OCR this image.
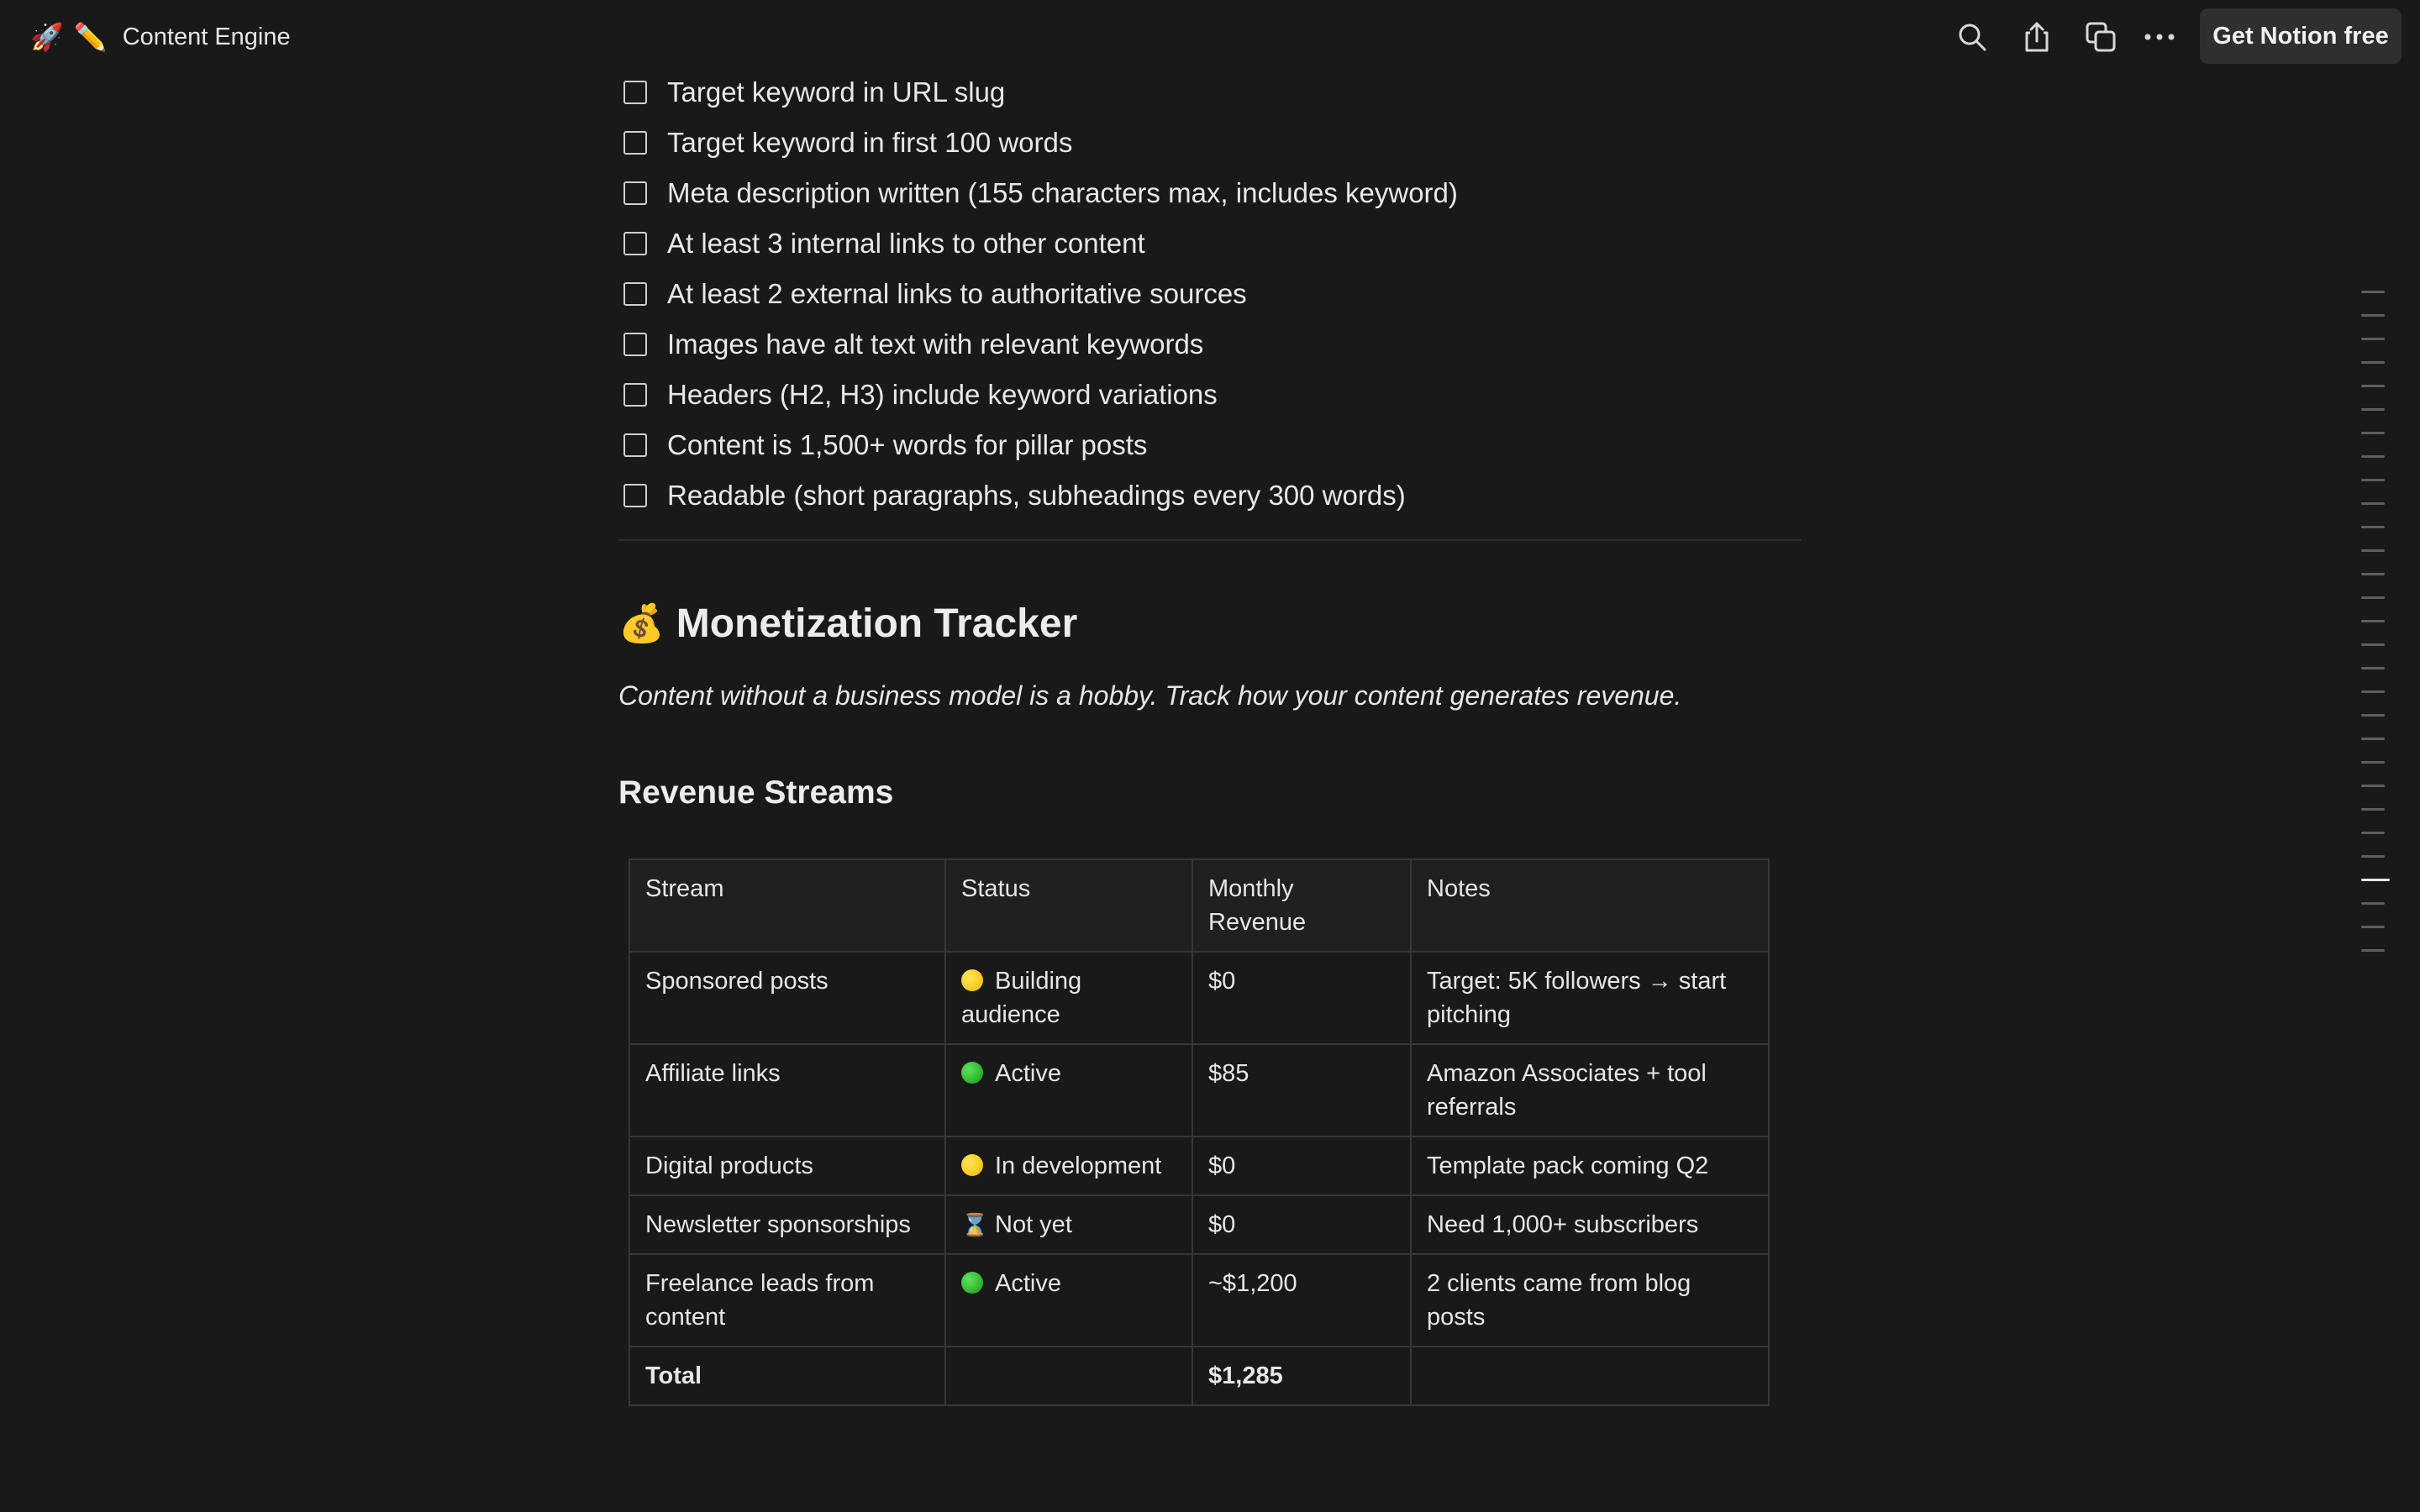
🚀 ✏️ Content Engine	Get Notion free
Target keyword in URL slug
Target keyword in first 100 words
Meta description written (155 characters max, includes keyword)
At least 3 internal links to other content
At least 2 external links to authoritative sources
Images have alt text with relevant keywords
Headers (H2, H3) include keyword variations
Content is 1,500+ words for pillar posts
Readable (short paragraphs, subheadings every 300 words)
💰 Monetization Tracker
Content without a business model is a hobby. Track how your content generates revenue.
Revenue Streams
Stream	Status	Monthly Revenue	Notes
Sponsored posts	Building audience	$0	Target: 5K followers → start pitching
Affiliate links	Active	$85	Amazon Associates + tool referrals
Digital products	In development	$0	Template pack coming Q2
Newsletter sponsorships	⌛ Not yet	$0	Need 1,000+ subscribers
Freelance leads from content	Active	~$1,200	2 clients came from blog posts
Total		$1,285	
